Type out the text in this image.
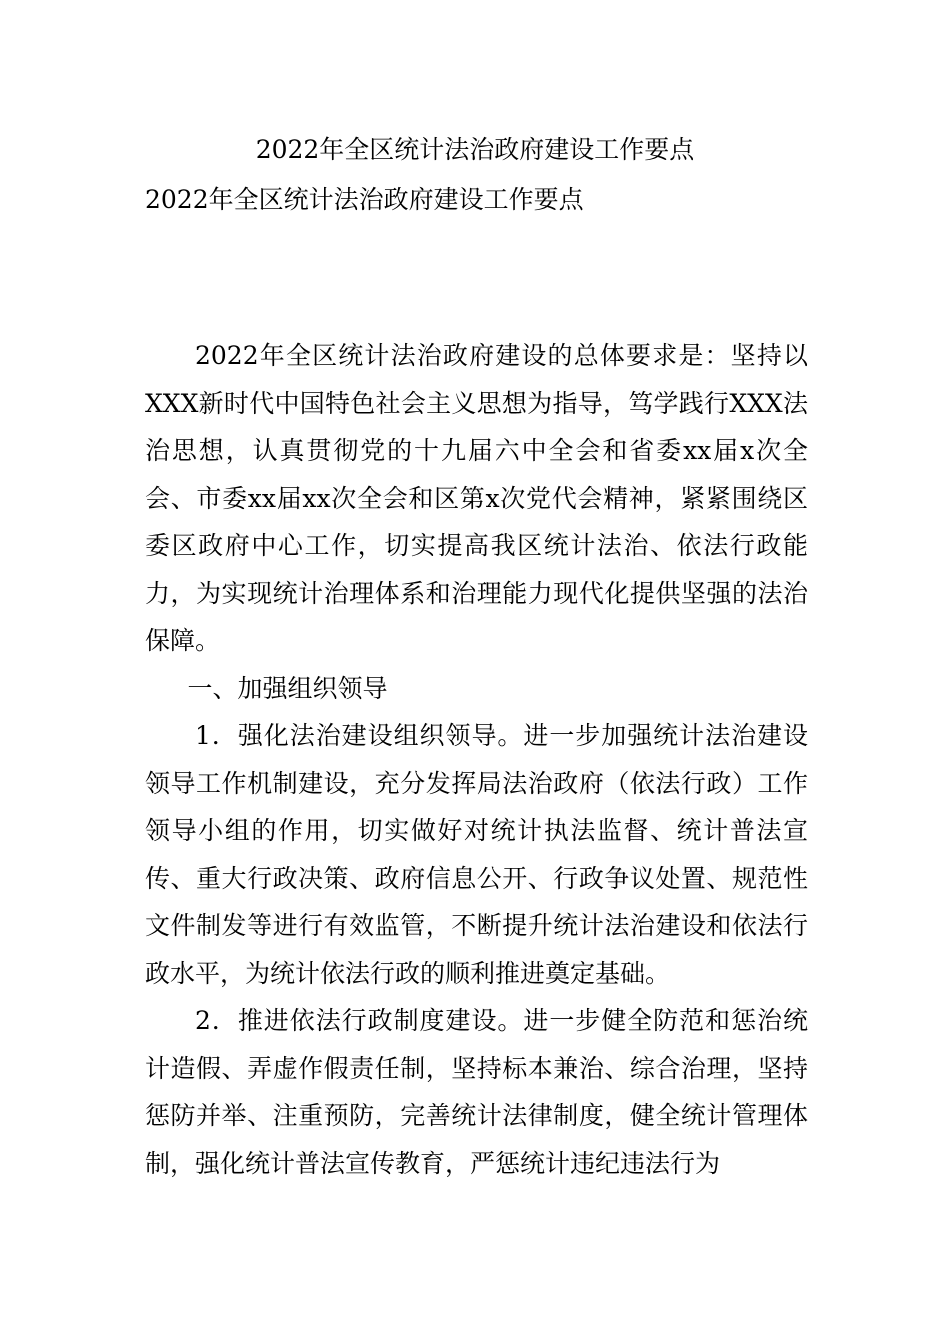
2022年全区统计法治政府建设工作要点
2022年全区统计法治政府建设工作要点

2022年全区统计法治政府建设的总体要求是：坚持以XXX新时代中国特色社会主义思想为指导，笃学践行XXX法治思想，认真贯彻党的十九届六中全会和省委xx届x次全会、市委xx届xx次全会和区第x次党代会精神，紧紧围绕区委区政府中心工作，切实提高我区统计法治、依法行政能力，为实现统计治理体系和治理能力现代化提供坚强的法治保障。

一、加强组织领导

1．强化法治建设组织领导。进一步加强统计法治建设领导工作机制建设，充分发挥局法治政府（依法行政）工作领导小组的作用，切实做好对统计执法监督、统计普法宣传、重大行政决策、政府信息公开、行政争议处置、规范性文件制发等进行有效监管，不断提升统计法治建设和依法行政水平，为统计依法行政的顺利推进奠定基础。

2．推进依法行政制度建设。进一步健全防范和惩治统计造假、弄虚作假责任制，坚持标本兼治、综合治理，坚持惩防并举、注重预防，完善统计法律制度，健全统计管理体制，强化统计普法宣传教育，严惩统计违纪违法行为
